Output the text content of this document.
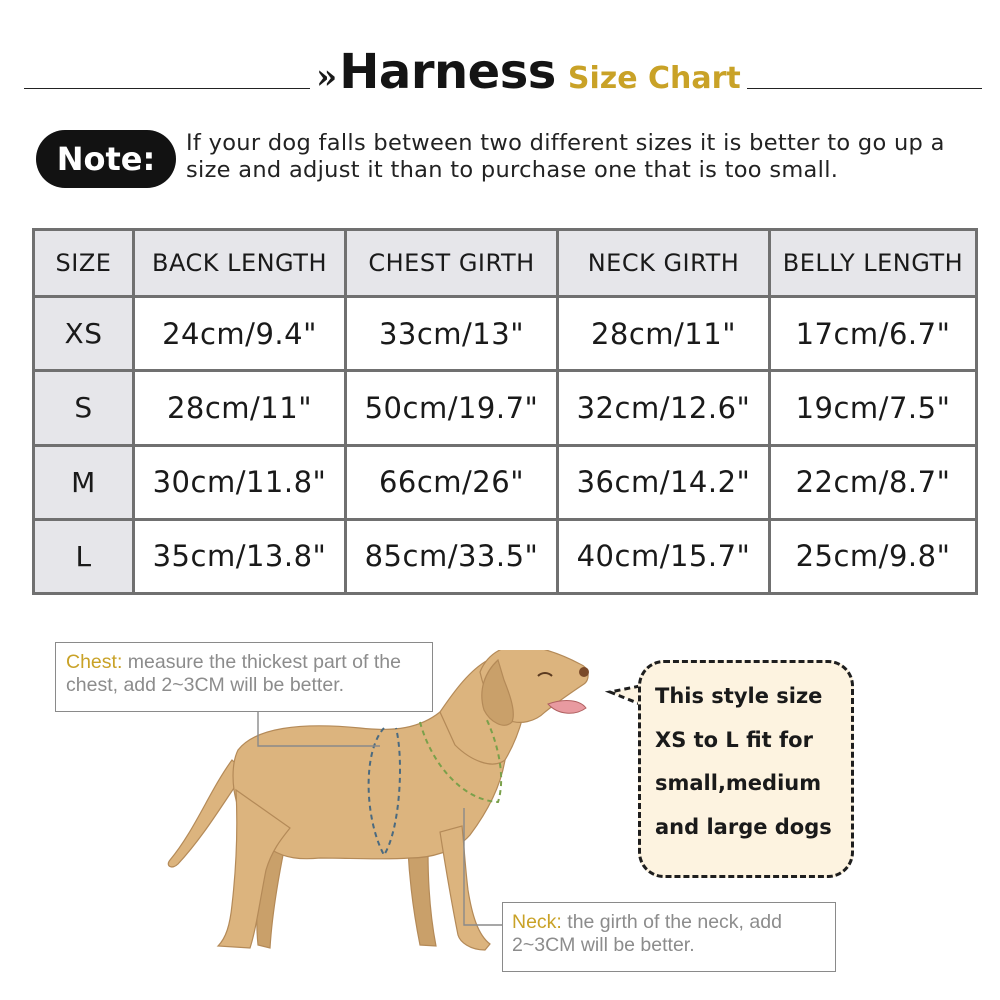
» Harness Size Chart
Note:	If your dog falls between two different sizes it is better to go up a size and adjust it than to purchase one that is too small.
SIZE	BACK LENGTH	CHEST GIRTH	NECK GIRTH	BELLY LENGTH
XS	24cm/9.4"	33cm/13"	28cm/11"	17cm/6.7"
S	28cm/11"	50cm/19.7"	32cm/12.6"	19cm/7.5"
M	30cm/11.8"	66cm/26"	36cm/14.2"	22cm/8.7"
L	35cm/13.8"	85cm/33.5"	40cm/15.7"	25cm/9.8"
Chest: measure the thickest part of the chest, add 2~3CM will be better.
Neck: the girth of the neck, add 2~3CM will be better.
This style size
XS to L fit for
small,medium
and large dogs
